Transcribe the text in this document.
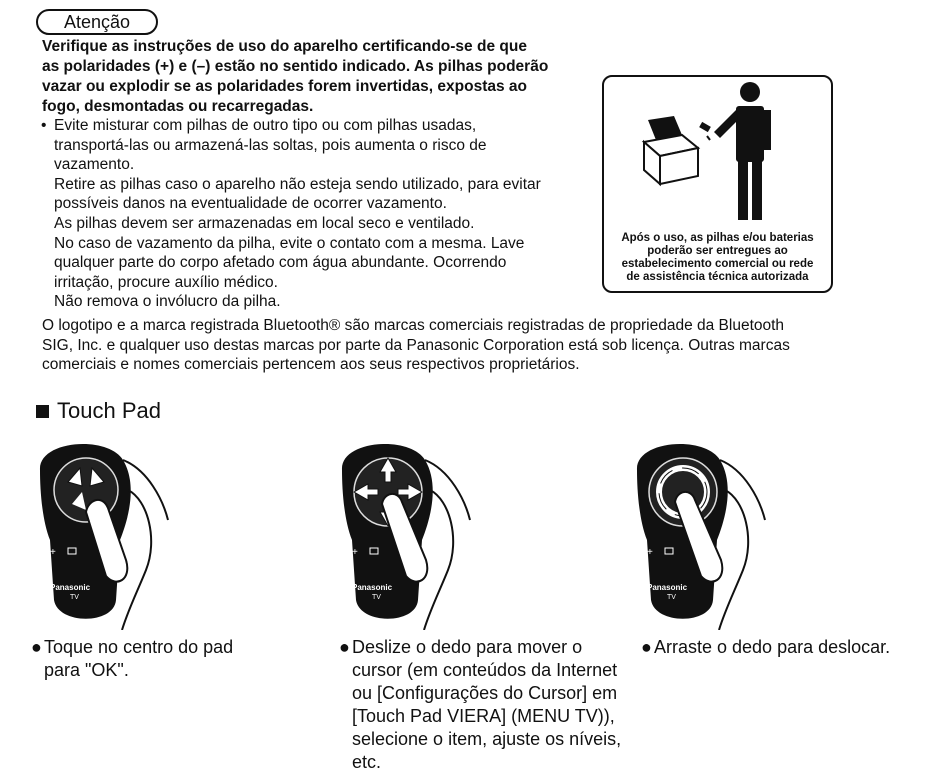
Atenção
Verifique as instruções de uso do aparelho certificando-se de que
as polaridades (+) e (–) estão no sentido indicado. As pilhas poderão
vazar ou explodir se as polaridades forem invertidas, expostas ao
fogo, desmontadas ou recarregadas.
• Evite misturar com pilhas de outro tipo ou com pilhas usadas,
transportá-las ou armazená-las soltas, pois aumenta o risco de
vazamento.
Retire as pilhas caso o aparelho não esteja sendo utilizado, para evitar
possíveis danos na eventualidade de ocorrer vazamento.
As pilhas devem ser armazenadas em local seco e ventilado.
No caso de vazamento da pilha, evite o contato com a mesma. Lave
qualquer parte do corpo afetado com água abundante. Ocorrendo
irritação, procure auxílio médico.
Não remova o invólucro da pilha.
Após o uso, as pilhas e/ou baterias
poderão ser entregues ao
estabelecimento comercial ou rede
de assistência técnica autorizada
O logotipo e a marca registrada Bluetooth® são marcas comerciais registradas de propriedade da Bluetooth
SIG, Inc. e qualquer uso destas marcas por parte da Panasonic Corporation está sob licença. Outras marcas
comerciais e nomes comerciais pertencem aos seus respectivos proprietários.
Touch Pad
+
Panasonic
TV
+
Panasonic
TV
+
Panasonic
TV
● Toque no centro do pad
para "OK".
● Deslize o dedo para mover o
cursor (em conteúdos da Internet
ou [Configurações do Cursor] em
[Touch Pad VIERA] (MENU TV)),
selecione o item, ajuste os níveis,
etc.
● Arraste o dedo para deslocar.
